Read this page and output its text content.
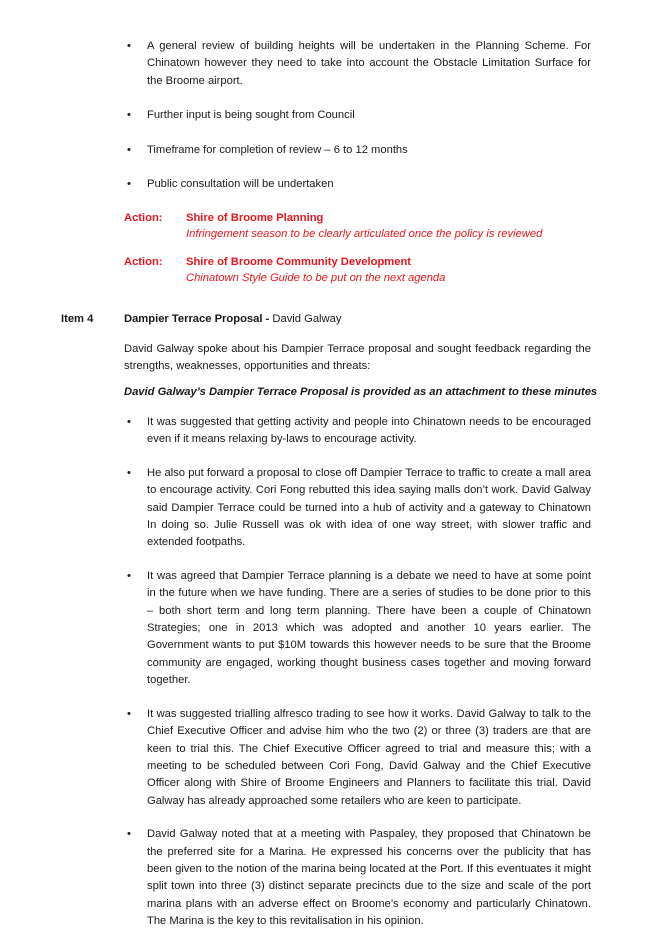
• A general review of building heights will be undertaken in the Planning Scheme. For Chinatown however they need to take into account the Obstacle Limitation Surface for the Broome airport.
• Further input is being sought from Council
• Timeframe for completion of review – 6 to 12 months
• Public consultation will be undertaken
Action: Shire of Broome Planning
Infringement season to be clearly articulated once the policy is reviewed
Action: Shire of Broome Community Development
Chinatown Style Guide to be put on the next agenda
Item 4	Dampier Terrace Proposal - David Galway

David Galway spoke about his Dampier Terrace proposal and sought feedback regarding the strengths, weaknesses, opportunities and threats:

David Galway’s Dampier Terrace Proposal is provided as an attachment to these minutes
• It was suggested that getting activity and people into Chinatown needs to be encouraged even if it means relaxing by-laws to encourage activity.
• He also put forward a proposal to close off Dampier Terrace to traffic to create a mall area to encourage activity. Cori Fong rebutted this idea saying malls don’t work. David Galway said Dampier Terrace could be turned into a hub of activity and a gateway to Chinatown In doing so. Julie Russell was ok with idea of one way street, with slower traffic and extended footpaths.
• It was agreed that Dampier Terrace planning is a debate we need to have at some point in the future when we have funding. There are a series of studies to be done prior to this – both short term and long term planning. There have been a couple of Chinatown Strategies; one in 2013 which was adopted and another 10 years earlier. The Government wants to put $10M towards this however needs to be sure that the Broome community are engaged, working thought business cases together and moving forward together.
• It was suggested trialling alfresco trading to see how it works. David Galway to talk to the Chief Executive Officer and advise him who the two (2) or three (3) traders are that are keen to trial this. The Chief Executive Officer agreed to trial and measure this; with a meeting to be scheduled between Cori Fong, David Galway and the Chief Executive Officer along with Shire of Broome Engineers and Planners to facilitate this trial. David Galway has already approached some retailers who are keen to participate.
• David Galway noted that at a meeting with Paspaley, they proposed that Chinatown be the preferred site for a Marina. He expressed his concerns over the publicity that has been given to the notion of the marina being located at the Port. If this eventuates it might split town into three (3) distinct separate precincts due to the size and scale of the port marina plans with an adverse effect on Broome’s economy and particularly Chinatown. The Marina is the key to this revitalisation in his opinion.
